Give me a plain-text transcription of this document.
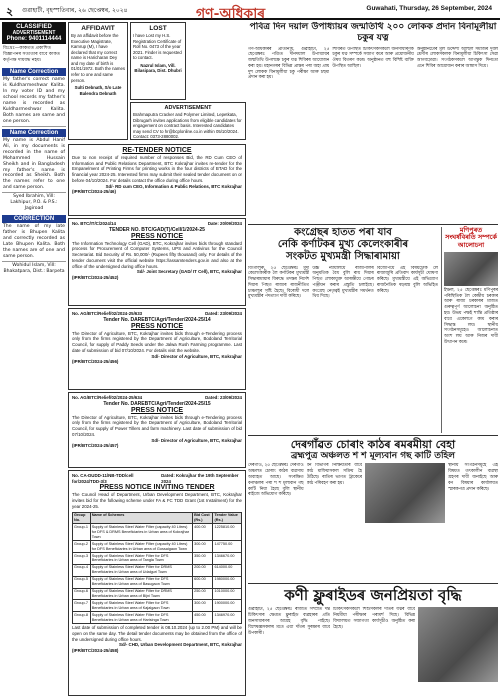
২ গুৱাহাটী, বৃহস্পতিবাৰ, ২৬ ছেপ্তেম্বৰ, ২০২৪	গণ-অধিকাৰ	Guwahati, Thursday, 26 September, 2024
CLASSIFIED
ADVERTISEMENT
Phone: 9401114444
বিঃদ্ৰঃ—কাকতত প্ৰকাশিত বিজ্ঞাপনৰ সত্যতাৰ বাবে কাকত কৰ্তৃপক্ষ দায়বদ্ধ নহয়।
Name Correction
My father's correct name is Kuldharmeshwar Kalita. In my voter ID and my school records my father's name is recorded as Kuldharmeshwar Kalita. Both names are same and one person.
Name Correction
My name is Abdul Hanif Ali, in my documents is recorded in the name of Mohammed Hussain Sheikh and in Bangladesh my father's name is recorded as Sheikh. Both the names refer to one and same person.
Syed Ibrahim, Vill: Lakhipur, P.O. & P.S.: Jagiroad
CORRECTION
The name of my late father is Bhupen Kalita and correctly recorded as Late Bhupen Kalita. Both the names are of one and same person.
Wohidul Islam, Vill: Bhakatpara, Dist.: Barpeta
AFFIDAVIT
By an affidavit before the Executive Magistrate, Kamrup (M), I have declared that my correct name is Haricharan Dey and my date of birth is 01/01/1972. Both the names refer to one and same person.
Sulti Debnath, S/o Late Balendra Debnath
LOST
I have Lost my H.S. Registration Certificate of Roll No. 0473 of the year 2021. Finder is requested to contact.
Nazrul Islam, Vill. Bilasipara, Dist. Dhubri
ADVERTISEMENT
Brahmaputra Cracker and Polymer Limited, Lepetkata, Dibrugarh invites applications from eligible candidates for engagement on contract basis. Interested candidates may send CV to hr@bcplonline.co.in within 05/10/2024. Contact: 0373-2880002.
RE-TENDER NOTICE

Due to non receipt of required number of responses Bid, the RD Cum CEO of Information and Public Relations Department, BTC Kokrajhar invites re-tender for the Empanelment of Printing Firms for printing works in the four districts of BTAD for the financial year 2024-25. Interested firms may submit their sealed tender document on or before 04/10/2024. For details contact the office during office hours.

Sd/- RD cum CEO, Information & Public Relations, BTC Kokrajhar
(IPR/BTC/2024-25/46)
No. BTC/IT/C/2024/14	Date: 20/09/2024
TENDER NO. BTC/GAD(T)/Cell/1/2024-25
PRESS NOTICE

The Information Technology Cell (GAD), BTC, Kokrajhar invites bids through standard process for Procurement of Computer Systems, UPS and Antivirus for the Council Secretariat. Bid Security of Rs. 50,000/- (Rupees fifty thousand) only. For details of the tender document visit the official website https://assamtenders.gov.in and also at the office of the undersigned during office hours.

Sd/- Joint Secretary (GAD/ IT Cell), BTC, Kokrajhar
(IPR/BTC/2024-25/452)
No. AG/BTC/Relief/02/2024-25/633	Dated: 23/09/2024
Tender No. DAREBTC/Agri/Tender/2024-25/14
PRESS NOTICE

The Director of Agriculture, BTC, Kokrajhar invites bids through e-Tendering process only from the firms registered by the Department of Agriculture, Bodoland Territorial Council, for supply of Paddy Seeds under the Jalwa Rush Farming programme. Last date of submission of bid 07/10/2024. For details visit the website.

Sd/- Director of Agriculture, BTC, Kokrajhar
(IPR/BTC/2024-25/456)
No. AG/BTC/Relief/02/2024-25/634	Dated: 23/09/2024
Tender No. DAREBTC/Agri/Tender/2024-25/15
PRESS NOTICE

The Director of Agriculture, BTC, Kokrajhar invites bids through e-Tendering process only from the firms registered by the Department of Agriculture, Bodoland Territorial Council, for supply of Power Tillers and farm machinery. Last date of submission of bid 07/10/2024.

Sd/- Director of Agriculture, BTC, Kokrajhar
(IPR/BTC/2024-25/457)
No. CA-DUDD-11/NB-TDD/cell for/2024/TDD-3/3
Dated: Kokrajhar the 19th September 2024
PRESS NOTICE INVITING TENDER

The Council Head of Department, Urban Development Department, BTC, Kokrajhar invites bid for the following scheme under FA & FC TDD Grant (1st Instalment) for the year 2024-25.

Group No.	Name of Schemes	Bid Cost (Rs.)	Tender Value (Rs.)
Group-1	Supply of Stainless Steel Water Filter (capacity 40 Litres) for DFS & DRMS Beneficiaries in Urban area of Kokrajhar Town	400.00	1225810.00
Group-2	Supply of Stainless Steel Water Filter (capacity 40 Litres) for DFS Beneficiaries in Urban area of Gossaigaon Town	300.00	147750.00
Group-3	Supply of Stainless Steel Water Filter for DFS Beneficiaries in Urban area of Tangla Town	350.00	1346670.00
Group-4	Supply of Stainless Steel Water Filter for DRMS Beneficiaries in Urban area of Udalguri Town	200.00	614000.00
Group-5	Supply of Stainless Steel Water Filter for DFS Beneficiaries in Urban area of Basugaon Town	600.00	1980000.00
Group-6	Supply of Stainless Steel Water Filter for DRMS Beneficiaries in Urban area of Bijni Town	250.00	1010000.00
Group-7	Supply of Stainless Steel Water Filter for DFS Beneficiaries in Urban area of Kajalgaon Town	300.00	1900000.00
Group-8	Supply of Stainless Steel Water Filter for DFS Beneficiaries in Urban area of Harisinga Town	450.00	1346970.00

Last date of submission of completed tender is 08.10.2024 (up to 2.00 PM) and will be open on the same day. The detail tender documents may be obtained from the office of the undersigned during office hours.

Sd/- CHD, Urban Development Department, BTC, Kokrajhar
(IPR/BTC/2024-25/458)
পবিত্ৰ দিন দয়াল উপাধ্যায়ৰ জন্মতিথি ২০০ লোকক প্ৰদান বিনামূলীয়া চকুৰ যত্ন
গণ-অধিকাৰৰ প্ৰতিনিধি, গুৱাহাটী, ২৫ ছেপ্তেম্বৰঃ পণ্ডিত দীনদয়াল উপাধ্যায়ৰ জন্মতিথি উপলক্ষে চকুৰ যত্ন শিবিৰৰ আয়োজন কৰা হয়। মহানগৰৰ বিভিন্ন প্ৰান্তৰ পৰা অহা প্ৰায় দুশ লোকক বিনামূলীয়া চকু পৰীক্ষা আৰু চছমা প্ৰদান কৰা হয়।
শিবিৰত উপস্থিত চিকিৎসকসকলে জনসাধাৰণক চকুৰ যত্ন সম্পৰ্কে সজাগ কৰে আৰু প্ৰয়োজনীয় ঔষধ বিতৰণ কৰে। অনুষ্ঠানত বহু বিশিষ্ট ব্যক্তি উপস্থিত আছিল।
অনুষ্ঠানটোৰ মূল উদ্দেশ্য আছিল সমাজৰ দুৰ্বল শ্ৰেণীৰ লোকসকলক বিনামূলীয়া চিকিৎসা সেৱা আগবঢ়োৱা। সংগঠকসকলে আগন্তুক দিনতো এনে শিবিৰ আয়োজন কৰাৰ আশ্বাস দিয়ে।
কংগ্ৰেছৰ হাতত পৰা যাব
নেকি কৰ্ণাটকৰ মুখ্য কেলেংকাৰীৰ
সংকটত মুখ্যমন্ত্ৰী সিদ্ধাৰামায়া
বিংগালুৰু, ২৫ ছেপ্তেম্বৰঃ মুদা কেলেংকাৰীক লৈ কৰ্ণাটকৰ মুখ্যমন্ত্ৰী সিদ্ধাৰামায়াৰ বিৰুদ্ধে তদন্তৰ নিৰ্দেশ দিয়াৰ পিছত ৰাজ্যৰ ৰাজনীতিত চাঞ্চল্যৰ সৃষ্টি হৈছে। বিৰোধী দলে মুখ্যমন্ত্ৰীৰ পদত্যাগ দাবী কৰিছে।
উচ্চ ন্যায়ালয়ে ৰাজ্যপালৰ অনুমতিক বৈধ বুলি ৰায় দিয়াৰ পিছত লোকায়ুক্ত আৰক্ষীয়ে গোচৰ পঞ্জীয়ন কৰাৰ প্ৰস্তুতি চলাইছে। কংগ্ৰেছ নেতৃত্বই মুখ্যমন্ত্ৰীৰ সমৰ্থনত থিয় দিছে।
বিজেপিয়ে এই বিষয়টোক লৈ ৰাজ্যজুৰি প্ৰতিবাদ কাৰ্যসূচী ঘোষণা কৰিছে। মুখ্যমন্ত্ৰীয়ে এই অভিযোগ ৰাজনৈতিক ষড়যন্ত্ৰ বুলি অভিহিত কৰিছে।
মণিপুৰত সংঘৰ্ষবিৰতি সম্পৰ্কে আলোচনা
ইম্ফল, ২৫ ছেপ্তেম্বৰঃ মণিপুৰৰ পৰিস্থিতিক লৈ কেন্দ্ৰীয় চৰকাৰ আৰু ৰাজ্য চৰকাৰৰ মাজত গুৰুত্বপূৰ্ণ আলোচনা অনুষ্ঠিত হয়। উভয় পক্ষই শান্তি প্ৰতিষ্ঠাৰ বাবে একেলগে কাম কৰাৰ সিদ্ধান্ত লয়। স্থানীয় সংগঠনসমূহেও আলোচনাত অংশ লয় আৰু নিজৰ দাবী উত্থাপন কৰে।
দেৰগাঁৱত চোৰাং কাঠৰ ৰমৰমীয়া বেহা
ব্ৰহ্মপুত্ৰ অঞ্চলত শ শ মূল্যবান গছ কাটি তহিল
দেৰগাঁও, ২৫ ছেপ্তেম্বৰঃ দেৰগাঁও অঞ্চলত চোৰাং কাঠৰ ব্যৱসায় অব্যাহত আছে। সংৰক্ষিত বনাঞ্চলৰ পৰা শ শ মূল্যবান গছ কাটি নিয়া হৈছে বুলি স্থানীয় ৰাইজে অভিযোগ কৰিছে।
বন বিভাগৰ নিষ্ক্ৰিয়তাৰ বাবে কাঠ মাফিয়াসকল সক্ৰিয় হৈ উঠিছে। ৰাতিৰ ভাগত ট্ৰাকেৰে কাঠ পৰিবহণ কৰা হয়।
স্থানীয় সংগঠনসমূহে এই বিষয়ত তৎকালীন ব্যৱস্থা গ্ৰহণৰ দাবী জনাইছে আৰু বন বিষয়াৰ কাৰ্যালয়ত স্মাৰকপত্ৰ প্ৰদান কৰিছে।
কণী ফ্লুৰাইডৰ জনপ্ৰিয়তা বৃদ্ধি
গুৱাহাটী, ২৫ ছেপ্তেম্বৰঃ ৰাজ্যত সম্প্ৰতি দন্ত চিকিৎসাৰ ক্ষেত্ৰত ফ্লুৰাইড ব্যৱহাৰৰ প্ৰতি জনসাধাৰণৰ আগ্ৰহ বৃদ্ধি পাইছে। বিশেষজ্ঞসকলৰ মতে এয়া দাঁতৰ সুৰক্ষাৰ বাবে উপকাৰী।
চিকিৎসকসকলে শিশুসকলৰ দাঁতৰ যত্নৰ বাবে নিয়মীয়া পৰীক্ষাৰ পৰামৰ্শ দিছে। বিভিন্ন বিদ্যালয়ত সজাগতা কাৰ্যসূচীও অনুষ্ঠিত কৰা হৈছে।
